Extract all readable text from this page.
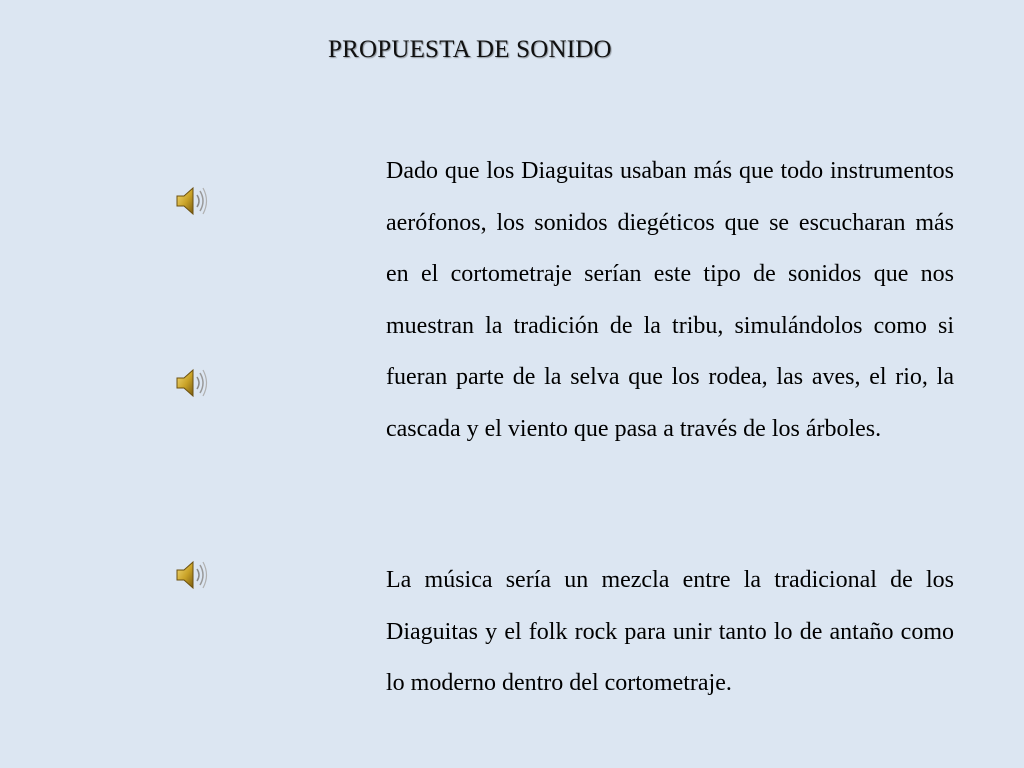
PROPUESTA DE SONIDO

Dado que los Diaguitas usaban más que todo instrumentos aerófonos, los sonidos diegéticos que se escucharan más en el cortometraje serían este tipo de sonidos que nos muestran la tradición de la tribu, simulándolos como si fueran parte de la selva que los rodea, las aves, el rio, la cascada y el viento que pasa a través de los árboles.

La música sería un mezcla entre la tradicional de los Diaguitas y el folk rock para unir tanto lo de antaño como lo moderno dentro del cortometraje.
